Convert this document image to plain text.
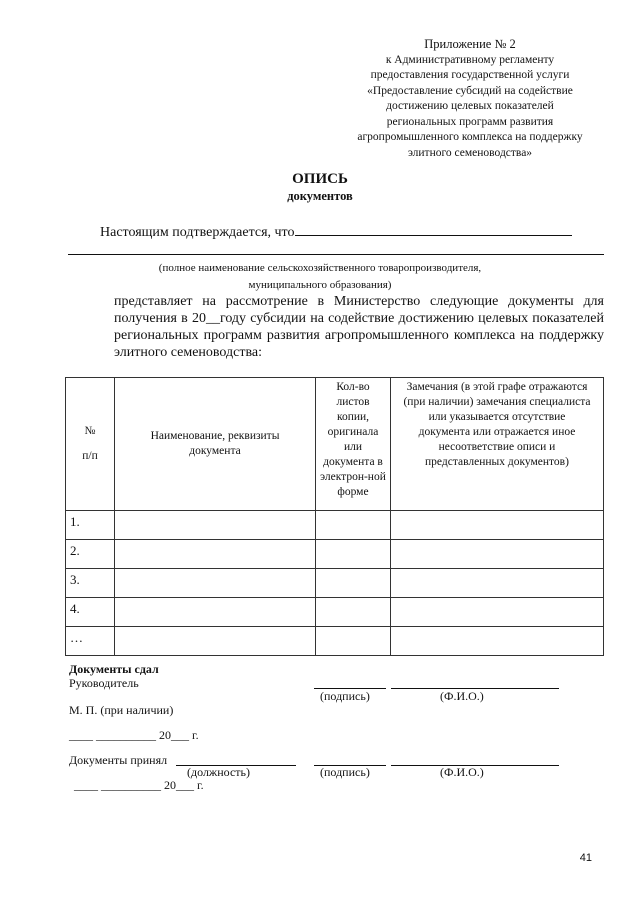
Приложение № 2
к Административному регламенту
предоставления государственной услуги
«Предоставление субсидий на содействие
достижению целевых показателей
региональных программ развития
агропромышленного комплекса на поддержку
элитного семеноводства»
ОПИСЬ
документов
Настоящим подтверждается, что
(полное наименование сельскохозяйственного товаропроизводителя,
муниципального образования)
представляет на рассмотрение в Министерство следующие документы для получения в 20__году субсидии на содействие достижению целевых показателей региональных программ развития агропромышленного комплекса на поддержку элитного семеноводства:
№
п/п	Наименование, реквизиты документа	Кол-во листов копии, оригинала или документа в электрон-ной форме	Замечания (в этой графе отражаются (при наличии) замечания специалиста или указывается отсутствие документа или отражается иное несоответствие описи и представленных документов)
1.			
2.			
3.			
4.			
…			
Документы сдал
Руководитель
(подпись)	(Ф.И.О.)
М. П. (при наличии)
____ __________ 20___ г.
Документы принял
(должность)	(подпись)	(Ф.И.О.)
____ __________ 20___ г.
41
